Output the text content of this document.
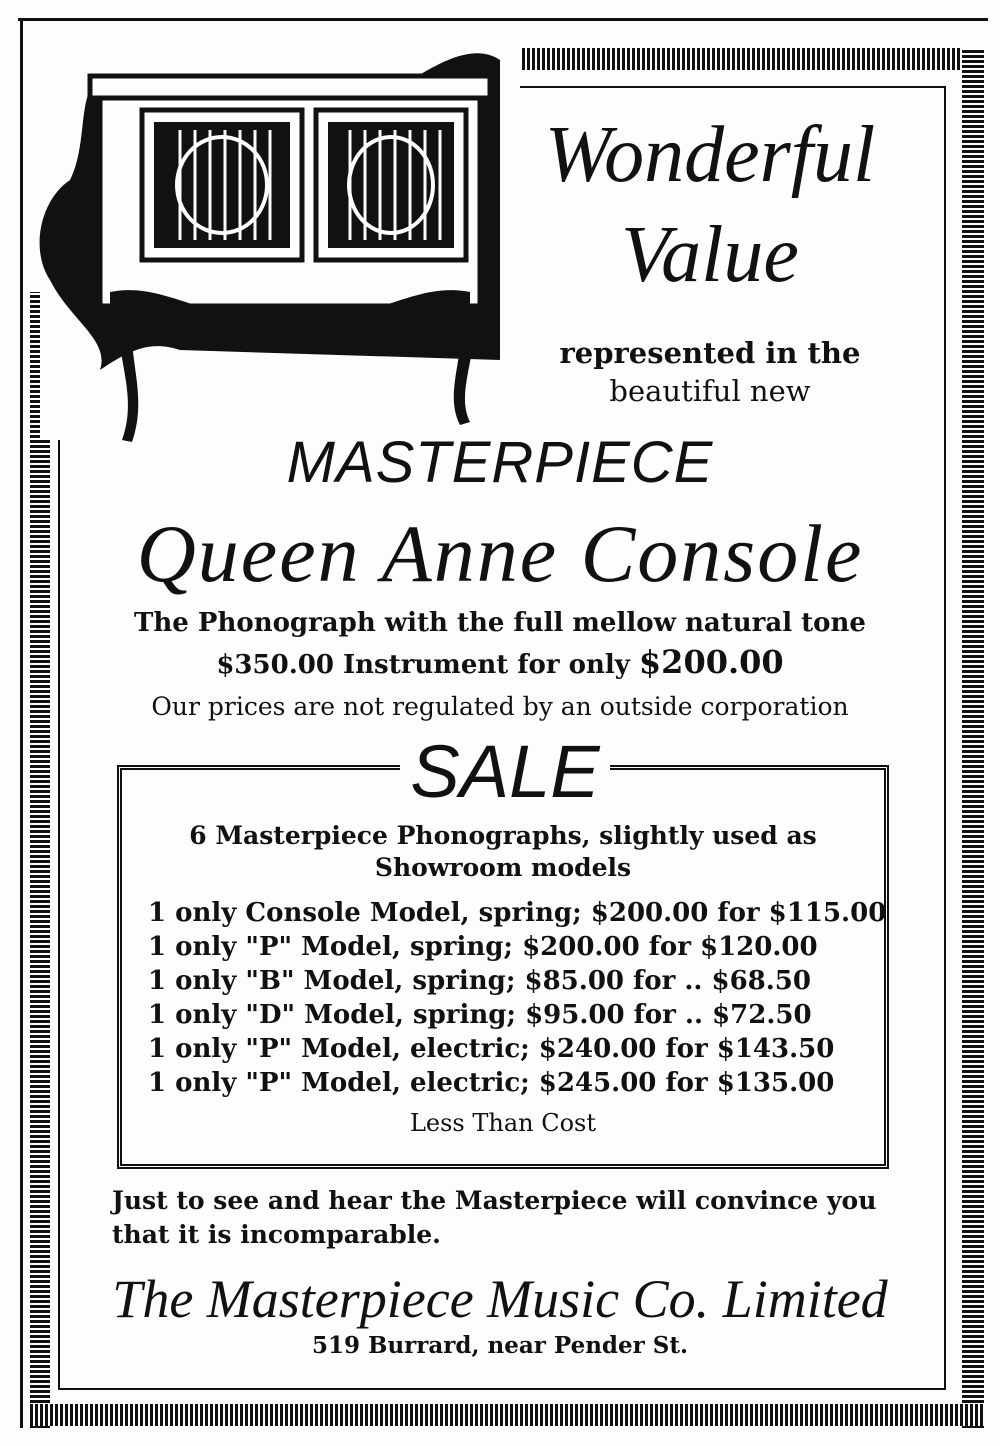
Wonderful
Value
represented in the
beautiful new
MASTERPIECE
Queen Anne Console
The Phonograph with the full mellow natural tone
$350.00 Instrument for only $200.00
Our prices are not regulated by an outside corporation
SALE
6 Masterpiece Phonographs, slightly used as
Showroom models
1 only Console Model, spring; $200.00 for $115.00
1 only "P" Model, spring; $200.00 for $120.00
1 only "B" Model, spring; $85.00 for .. $68.50
1 only "D" Model, spring; $95.00 for .. $72.50
1 only "P" Model, electric; $240.00 for $143.50
1 only "P" Model, electric; $245.00 for $135.00
Less Than Cost
Just to see and hear the Masterpiece will convince you that it is incomparable.
The Masterpiece Music Co. Limited
519 Burrard, near Pender St.
